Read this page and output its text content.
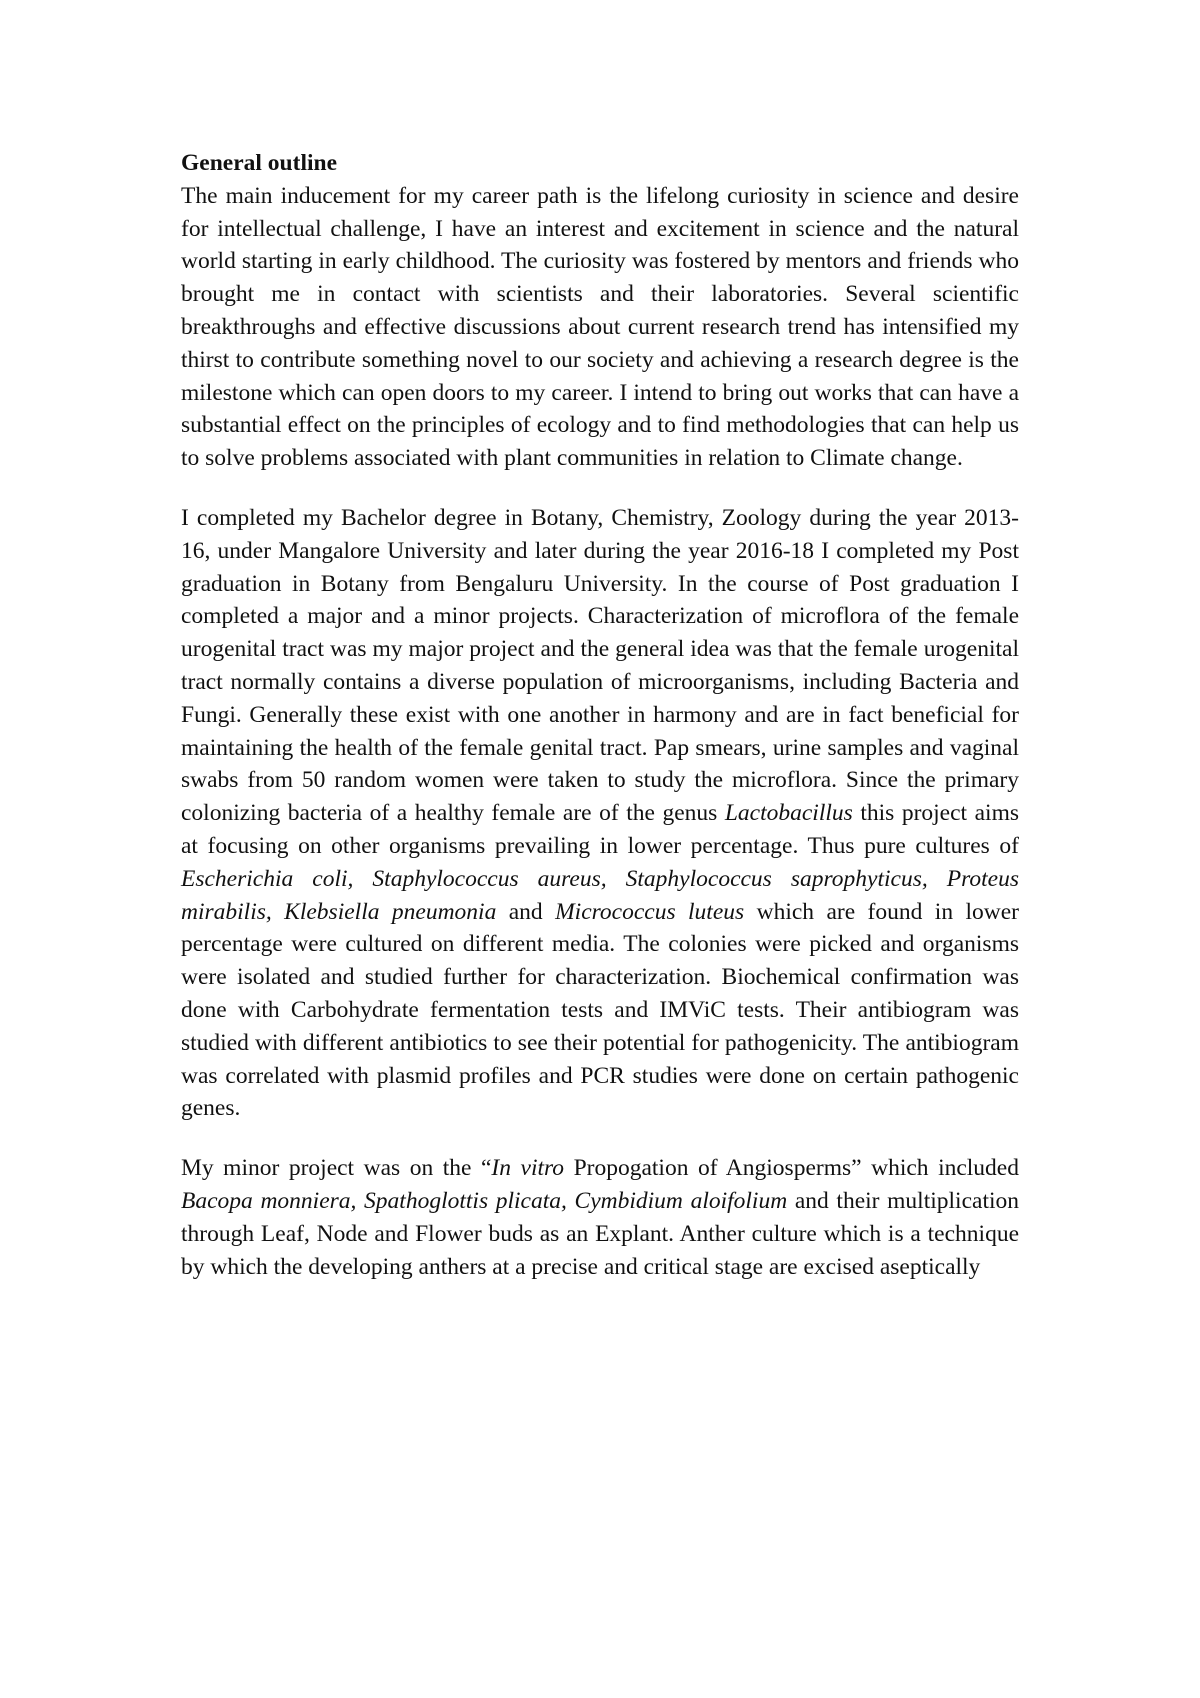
General outline

The main inducement for my career path is the lifelong curiosity in science and desire for intellectual challenge, I have an interest and excitement in science and the natural world starting in early childhood. The curiosity was fostered by mentors and friends who brought me in contact with scientists and their laboratories. Several scientific breakthroughs and effective discussions about current research trend has intensified my thirst to contribute something novel to our society and achieving a research degree is the milestone which can open doors to my career. I intend to bring out works that can have a substantial effect on the principles of ecology and to find methodologies that can help us to solve problems associated with plant communities in relation to Climate change.

I completed my Bachelor degree in Botany, Chemistry, Zoology during the year 2013-16, under Mangalore University and later during the year 2016-18 I completed my Post graduation in Botany from Bengaluru University. In the course of Post graduation I completed a major and a minor projects. Characterization of microflora of the female urogenital tract was my major project and the general idea was that the female urogenital tract normally contains a diverse population of microorganisms, including Bacteria and Fungi. Generally these exist with one another in harmony and are in fact beneficial for maintaining the health of the female genital tract. Pap smears, urine samples and vaginal swabs from 50 random women were taken to study the microflora. Since the primary colonizing bacteria of a healthy female are of the genus Lactobacillus this project aims at focusing on other organisms prevailing in lower percentage. Thus pure cultures of Escherichia coli, Staphylococcus aureus, Staphylococcus saprophyticus, Proteus mirabilis, Klebsiella pneumonia and Micrococcus luteus which are found in lower percentage were cultured on different media. The colonies were picked and organisms were isolated and studied further for characterization. Biochemical confirmation was done with Carbohydrate fermentation tests and IMViC tests. Their antibiogram was studied with different antibiotics to see their potential for pathogenicity. The antibiogram was correlated with plasmid profiles and PCR studies were done on certain pathogenic genes.

My minor project was on the “In vitro Propogation of Angiosperms” which included Bacopa monniera, Spathoglottis plicata, Cymbidium aloifolium and their multiplication through Leaf, Node and Flower buds as an Explant. Anther culture which is a technique by which the developing anthers at a precise and critical stage are excised aseptically
